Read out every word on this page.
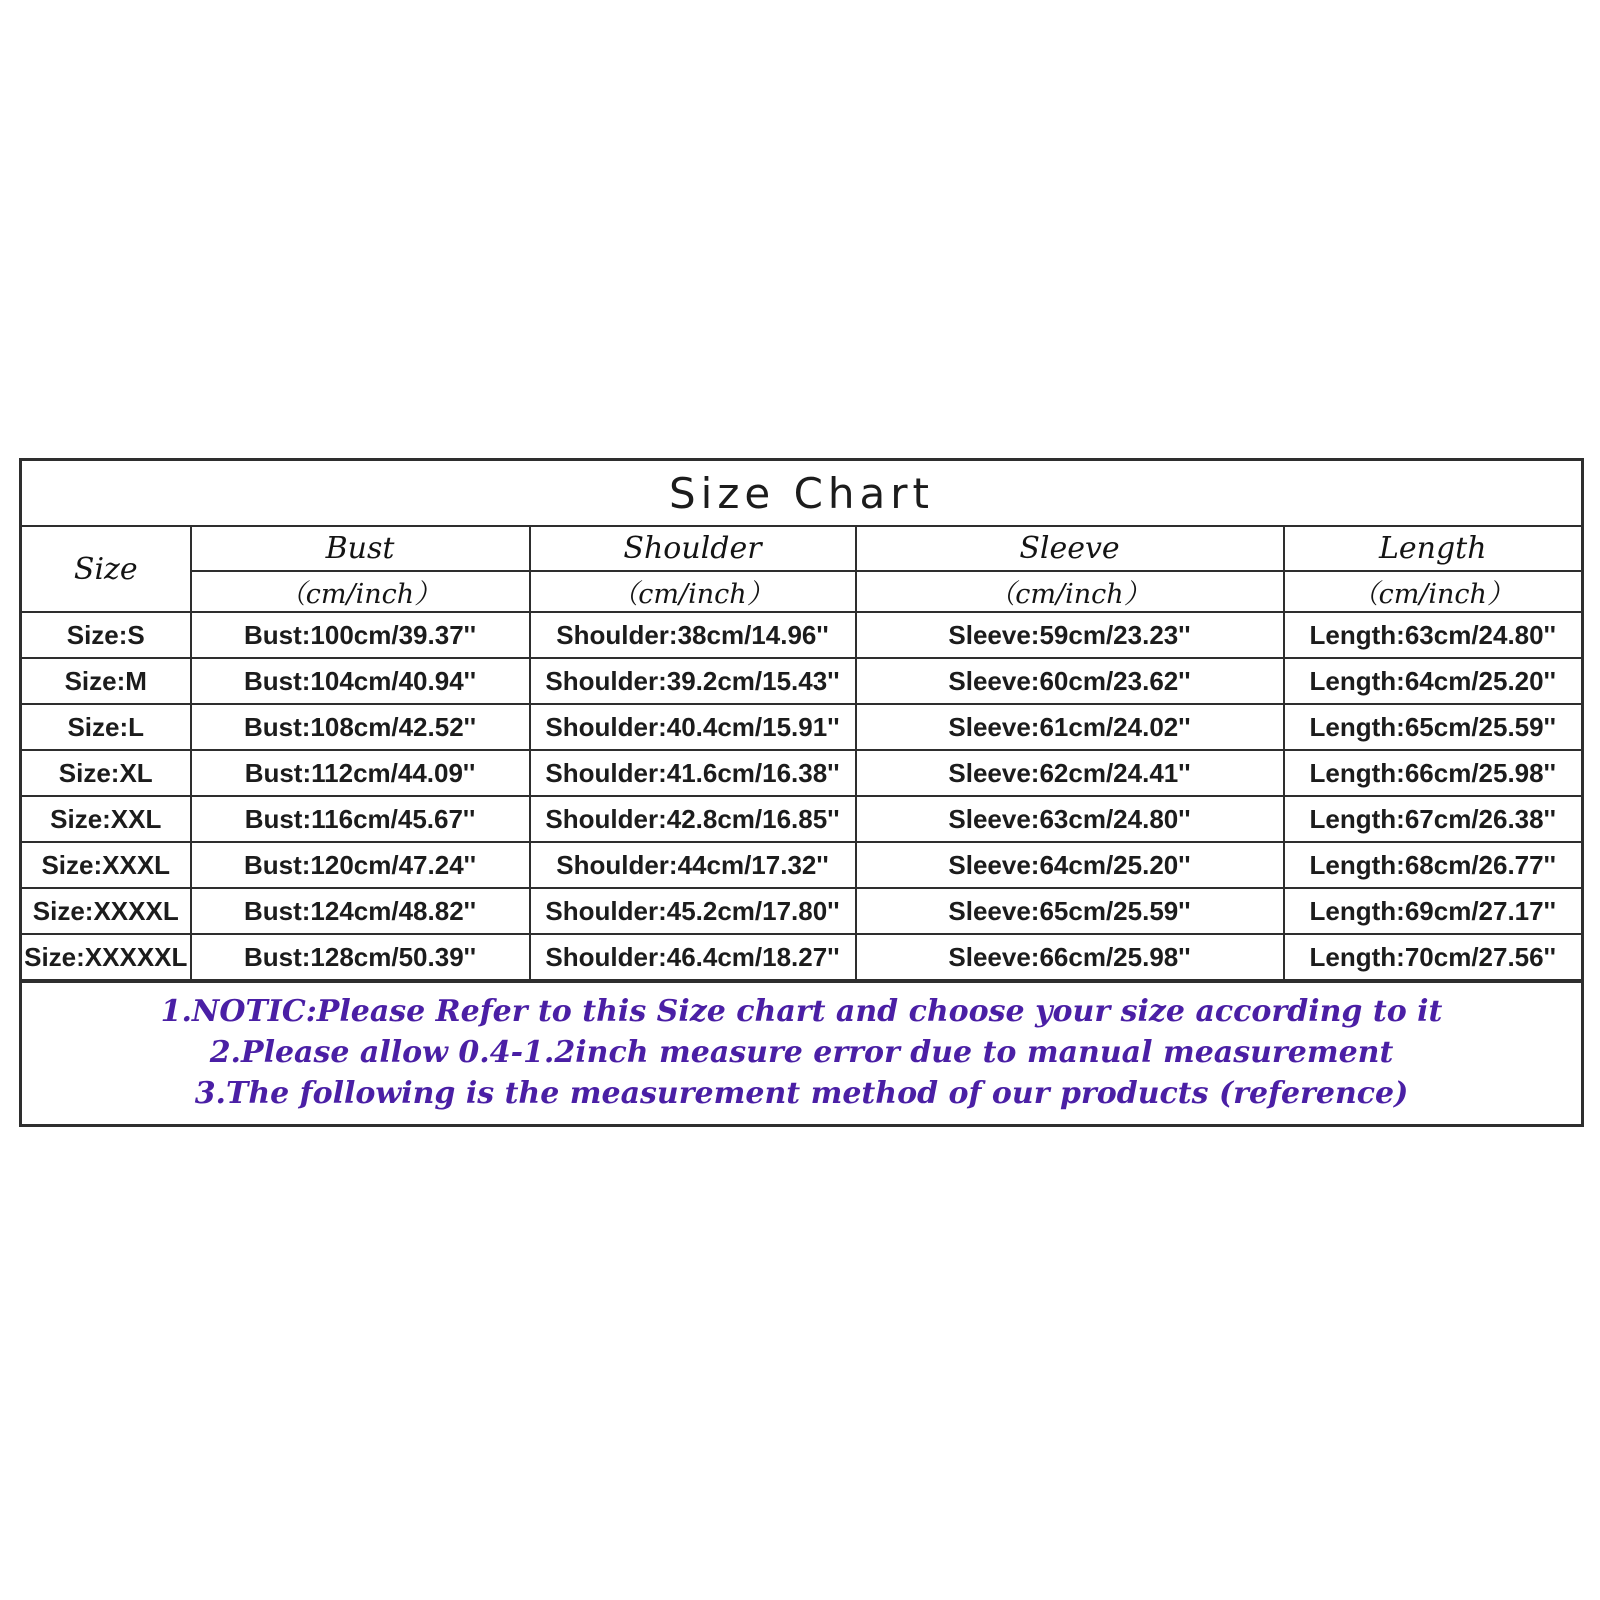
Size Chart				
Size	Bust	Shoulder	Sleeve	Length
	（cm/inch）	（cm/inch）	（cm/inch）	（cm/inch）
Size:S	Bust:100cm/39.37''	Shoulder:38cm/14.96''	Sleeve:59cm/23.23''	Length:63cm/24.80''
Size:M	Bust:104cm/40.94''	Shoulder:39.2cm/15.43''	Sleeve:60cm/23.62''	Length:64cm/25.20''
Size:L	Bust:108cm/42.52''	Shoulder:40.4cm/15.91''	Sleeve:61cm/24.02''	Length:65cm/25.59''
Size:XL	Bust:112cm/44.09''	Shoulder:41.6cm/16.38''	Sleeve:62cm/24.41''	Length:66cm/25.98''
Size:XXL	Bust:116cm/45.67''	Shoulder:42.8cm/16.85''	Sleeve:63cm/24.80''	Length:67cm/26.38''
Size:XXXL	Bust:120cm/47.24''	Shoulder:44cm/17.32''	Sleeve:64cm/25.20''	Length:68cm/26.77''
Size:XXXXL	Bust:124cm/48.82''	Shoulder:45.2cm/17.80''	Sleeve:65cm/25.59''	Length:69cm/27.17''
Size:XXXXXL	Bust:128cm/50.39''	Shoulder:46.4cm/18.27''	Sleeve:66cm/25.98''	Length:70cm/27.56''

1.NOTIC:Please Refer to this Size chart and choose your size according to it
2.Please allow 0.4-1.2inch measure error due to manual measurement
3.The following is the measurement method of our products (reference)				
